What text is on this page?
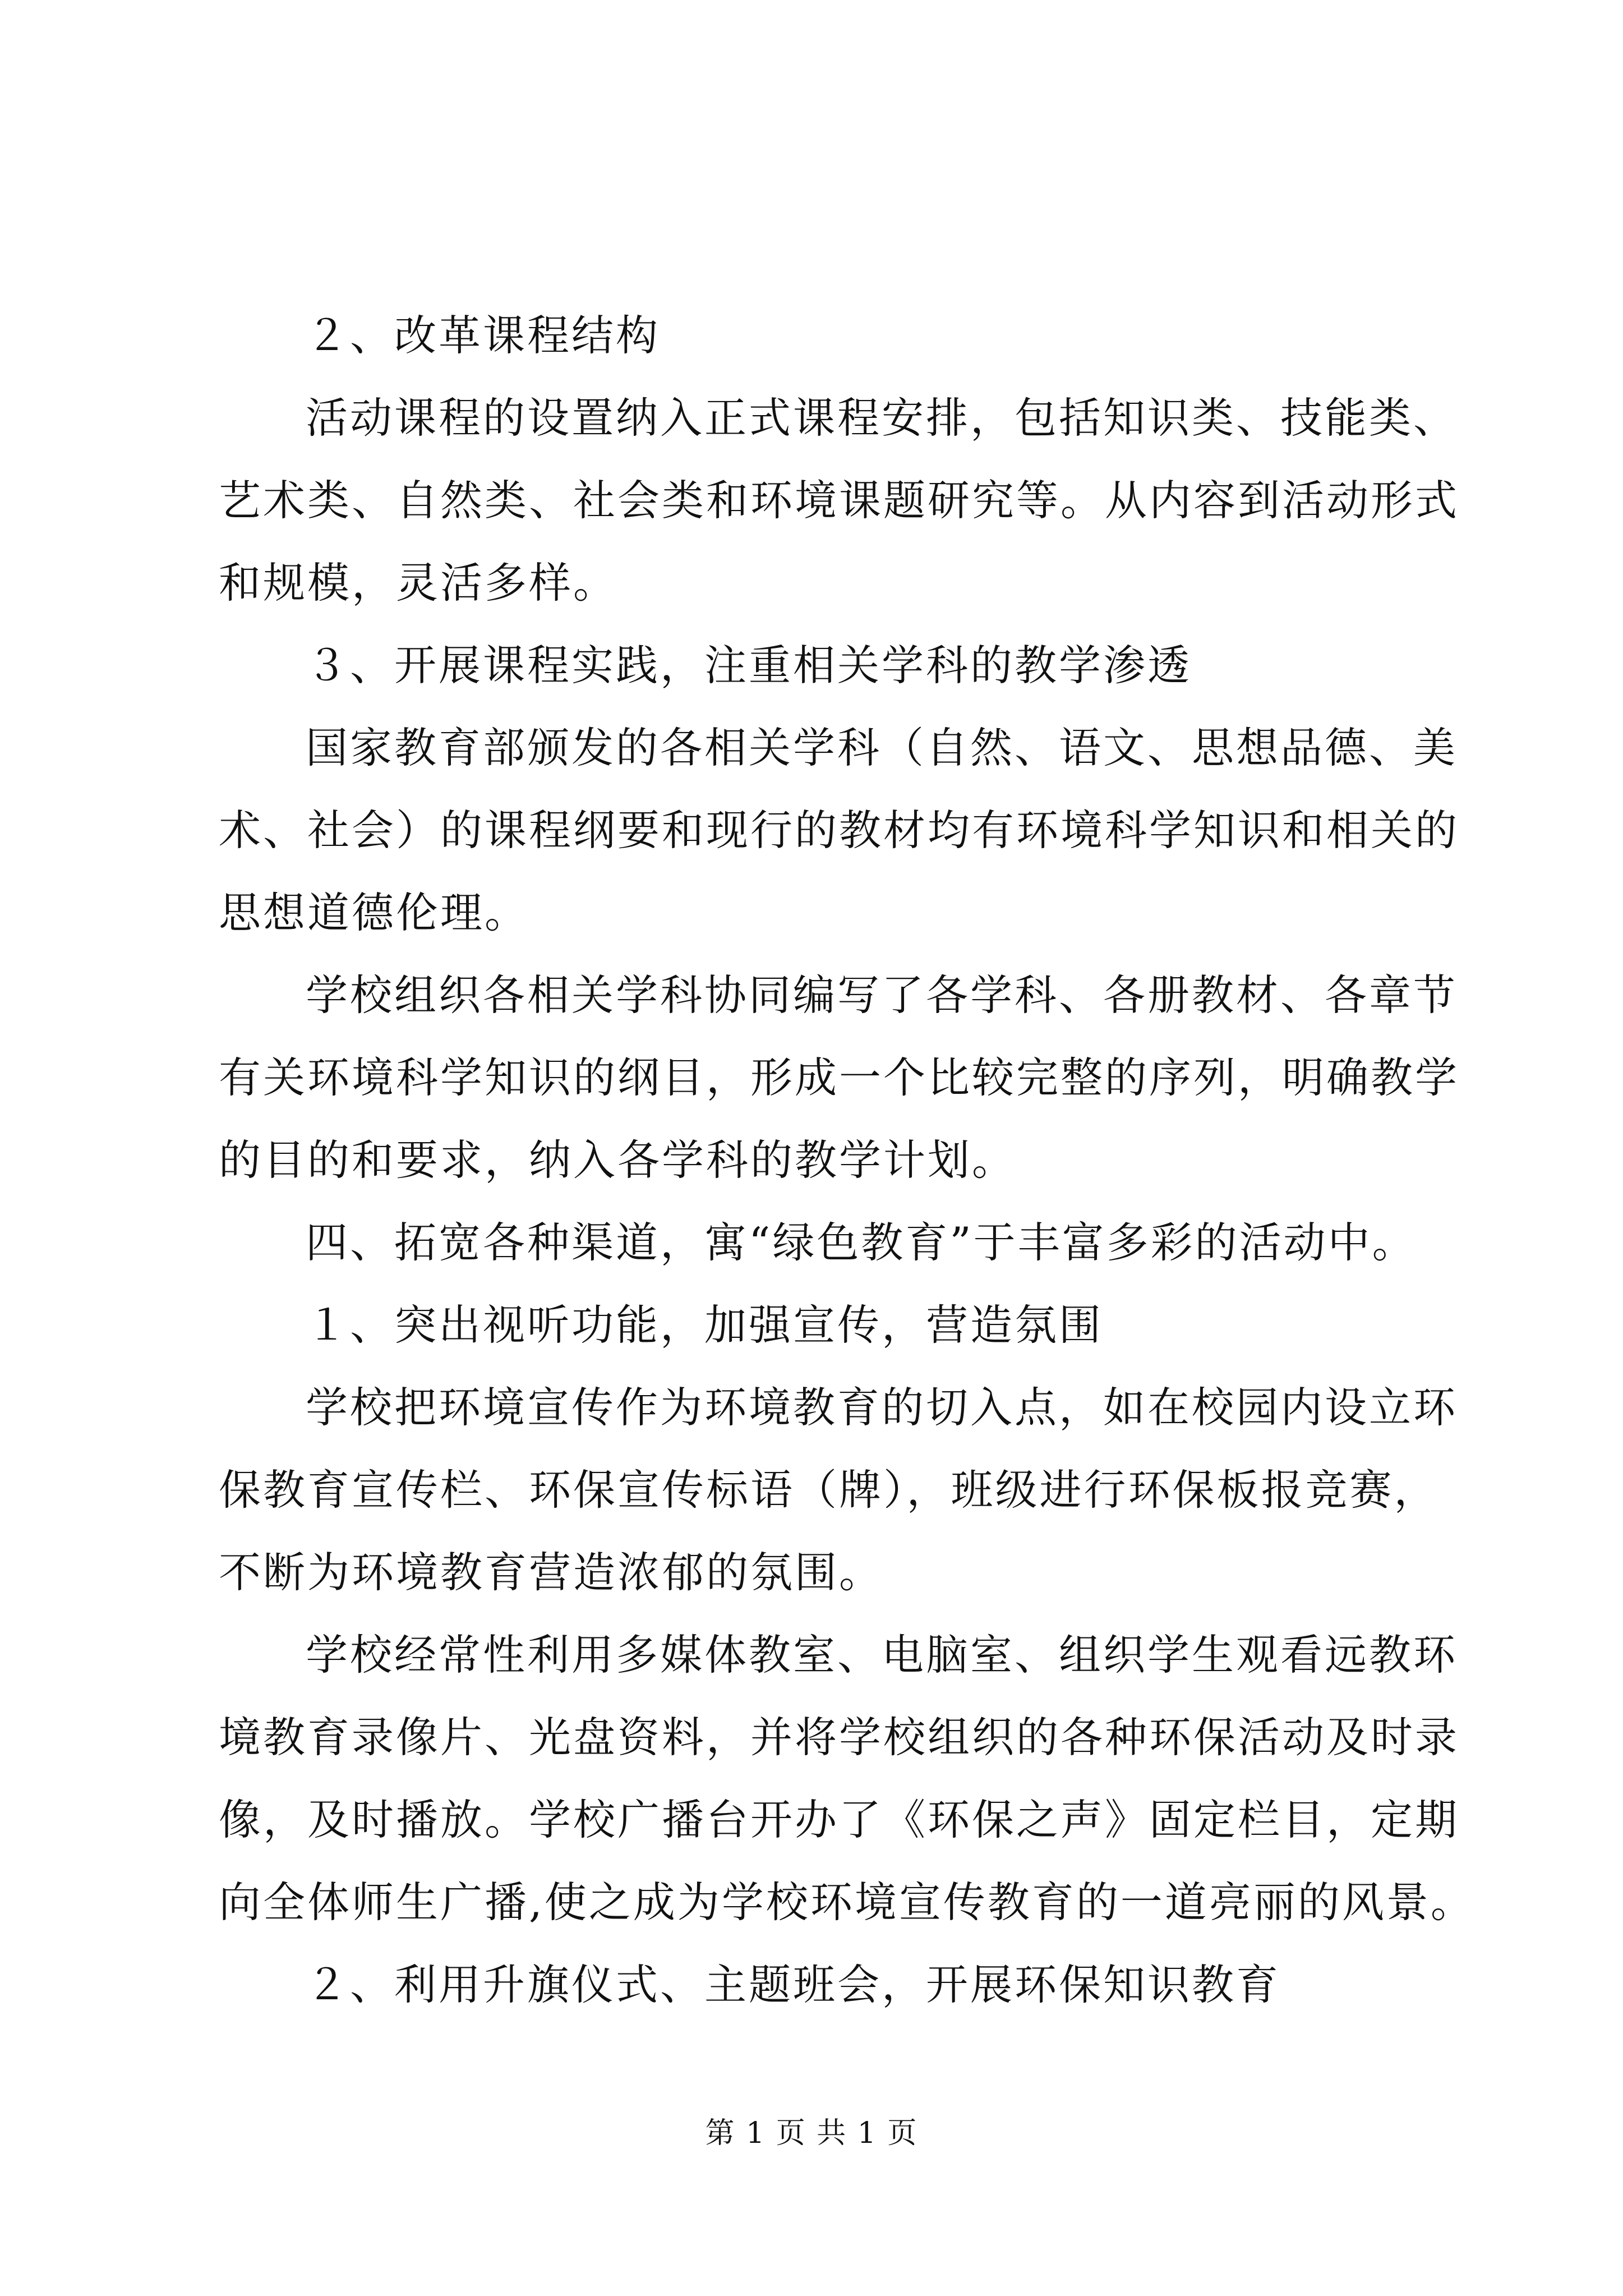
２、改革课程结构
活动课程的设置纳入正式课程安排，包括知识类、技能类、
艺术类、自然类、社会类和环境课题研究等。从内容到活动形式
和规模，灵活多样。
３、开展课程实践，注重相关学科的教学渗透
国家教育部颁发的各相关学科（自然、语文、思想品德、美
术、社会）的课程纲要和现行的教材均有环境科学知识和相关的
思想道德伦理。
学校组织各相关学科协同编写了各学科、各册教材、各章节
有关环境科学知识的纲目，形成一个比较完整的序列，明确教学
的目的和要求，纳入各学科的教学计划。
四、拓宽各种渠道，寓“绿色教育”于丰富多彩的活动中。
１、突出视听功能，加强宣传，营造氛围
学校把环境宣传作为环境教育的切入点，如在校园内设立环
保教育宣传栏、环保宣传标语（牌），班级进行环保板报竞赛，
不断为环境教育营造浓郁的氛围。
学校经常性利用多媒体教室、电脑室、组织学生观看远教环
境教育录像片、光盘资料，并将学校组织的各种环保活动及时录
像，及时播放。学校广播台开办了《环保之声》固定栏目，定期
向全体师生广播,使之成为学校环境宣传教育的一道亮丽的风景。
２、利用升旗仪式、主题班会，开展环保知识教育
第 1 页 共 1 页
